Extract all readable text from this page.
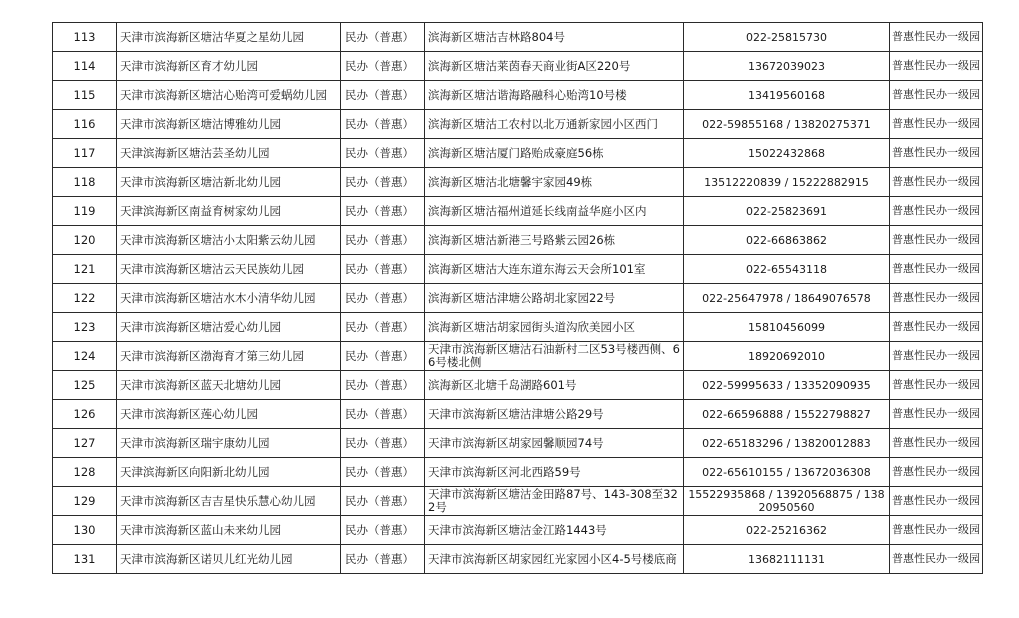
113	天津市滨海新区塘沽华夏之星幼儿园	民办（普惠）	滨海新区塘沽吉林路804号	022-25815730	普惠性民办一级园
114	天津市滨海新区育才幼儿园	民办（普惠）	滨海新区塘沽莱茵春天商业街A区220号	13672039023	普惠性民办一级园
115	天津市滨海新区塘沽心贻湾可爱蜗幼儿园	民办（普惠）	滨海新区塘沽谐海路融科心贻湾10号楼	13419560168	普惠性民办一级园
116	天津市滨海新区塘沽博雅幼儿园	民办（普惠）	滨海新区塘沽工农村以北万通新家园小区西门	022-59855168 / 13820275371	普惠性民办一级园
117	天津滨海新区塘沽芸圣幼儿园	民办（普惠）	滨海新区塘沽厦门路贻成豪庭56栋	15022432868	普惠性民办一级园
118	天津市滨海新区塘沽新北幼儿园	民办（普惠）	滨海新区塘沽北塘馨宇家园49栋	13512220839 / 15222882915	普惠性民办一级园
119	天津滨海新区南益育树家幼儿园	民办（普惠）	滨海新区塘沽福州道延长线南益华庭小区内	022-25823691	普惠性民办一级园
120	天津市滨海新区塘沽小太阳紫云幼儿园	民办（普惠）	滨海新区塘沽新港三号路紫云园26栋	022-66863862	普惠性民办一级园
121	天津市滨海新区塘沽云天民族幼儿园	民办（普惠）	滨海新区塘沽大连东道东海云天会所101室	022-65543118	普惠性民办一级园
122	天津市滨海新区塘沽水木小清华幼儿园	民办（普惠）	滨海新区塘沽津塘公路胡北家园22号	022-25647978 / 18649076578	普惠性民办一级园
123	天津市滨海新区塘沽爱心幼儿园	民办（普惠）	滨海新区塘沽胡家园街头道沟欣美园小区	15810456099	普惠性民办一级园
124	天津市滨海新区渤海育才第三幼儿园	民办（普惠）	天津市滨海新区塘沽石油新村二区53号楼西侧、66号楼北侧	18920692010	普惠性民办一级园
125	天津市滨海新区蓝天北塘幼儿园	民办（普惠）	滨海新区北塘千岛湖路601号	022-59995633 / 13352090935	普惠性民办一级园
126	天津市滨海新区莲心幼儿园	民办（普惠）	天津市滨海新区塘沽津塘公路29号	022-66596888 / 15522798827	普惠性民办一级园
127	天津市滨海新区瑞宇康幼儿园	民办（普惠）	天津市滨海新区胡家园馨顺园74号	022-65183296 / 13820012883	普惠性民办一级园
128	天津滨海新区向阳新北幼儿园	民办（普惠）	天津市滨海新区河北西路59号	022-65610155 / 13672036308	普惠性民办一级园
129	天津市滨海新区吉吉星快乐慧心幼儿园	民办（普惠）	天津市滨海新区塘沽金田路87号、143-308至322号	15522935868 / 13920568875 / 13820950560	普惠性民办一级园
130	天津市滨海新区蓝山未来幼儿园	民办（普惠）	天津市滨海新区塘沽金江路1443号	022-25216362	普惠性民办一级园
131	天津市滨海新区诺贝儿红光幼儿园	民办（普惠）	天津市滨海新区胡家园红光家园小区4-5号楼底商	13682111131	普惠性民办一级园
